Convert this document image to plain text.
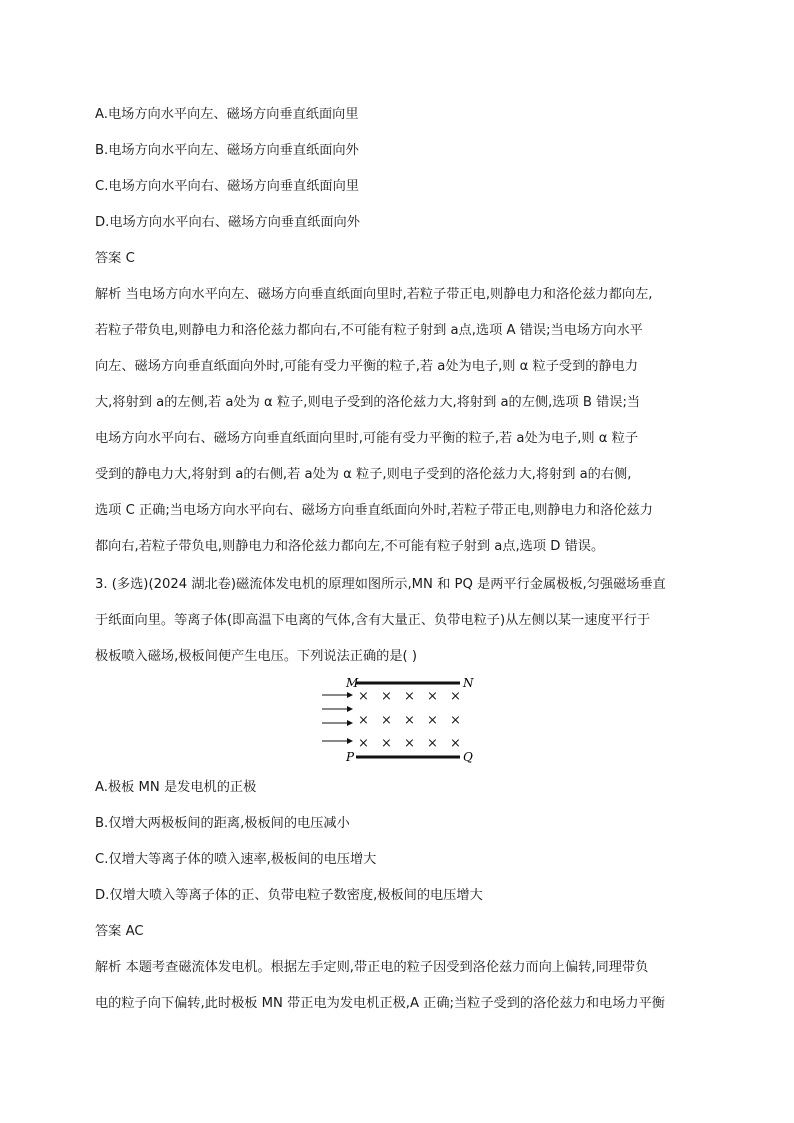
A.电场方向水平向左、磁场方向垂直纸面向里
B.电场方向水平向左、磁场方向垂直纸面向外
C.电场方向水平向右、磁场方向垂直纸面向里
D.电场方向水平向右、磁场方向垂直纸面向外
答案 C
解析 当电场方向水平向左、磁场方向垂直纸面向里时,若粒子带正电,则静电力和洛伦兹力都向左,
若粒子带负电,则静电力和洛伦兹力都向右,不可能有粒子射到 a点,选项 A 错误;当电场方向水平
向左、磁场方向垂直纸面向外时,可能有受力平衡的粒子,若 a处为电子,则 α 粒子受到的静电力
大,将射到 a的左侧,若 a处为 α 粒子,则电子受到的洛伦兹力大,将射到 a的左侧,选项 B 错误;当
电场方向水平向右、磁场方向垂直纸面向里时,可能有受力平衡的粒子,若 a处为电子,则 α 粒子
受到的静电力大,将射到 a的右侧,若 a处为 α 粒子,则电子受到的洛伦兹力大,将射到 a的右侧,
选项 C 正确;当电场方向水平向右、磁场方向垂直纸面向外时,若粒子带正电,则静电力和洛伦兹力
都向右,若粒子带负电,则静电力和洛伦兹力都向左,不可能有粒子射到 a点,选项 D 错误。
3. (多选)(2024 湖北卷)磁流体发电机的原理如图所示,MN 和 PQ 是两平行金属极板,匀强磁场垂直
于纸面向里。等离子体(即高温下电离的气体,含有大量正、负带电粒子)从左侧以某一速度平行于
极板喷入磁场,极板间便产生电压。下列说法正确的是( )
M	N
P	Q
× × × × ×
× × × × ×
× × × × ×
A.极板 MN 是发电机的正极
B.仅增大两极板间的距离,极板间的电压减小
C.仅增大等离子体的喷入速率,极板间的电压增大
D.仅增大喷入等离子体的正、负带电粒子数密度,极板间的电压增大
答案 AC
解析 本题考查磁流体发电机。根据左手定则,带正电的粒子因受到洛伦兹力而向上偏转,同理带负
电的粒子向下偏转,此时极板 MN 带正电为发电机正极,A 正确;当粒子受到的洛伦兹力和电场力平衡
